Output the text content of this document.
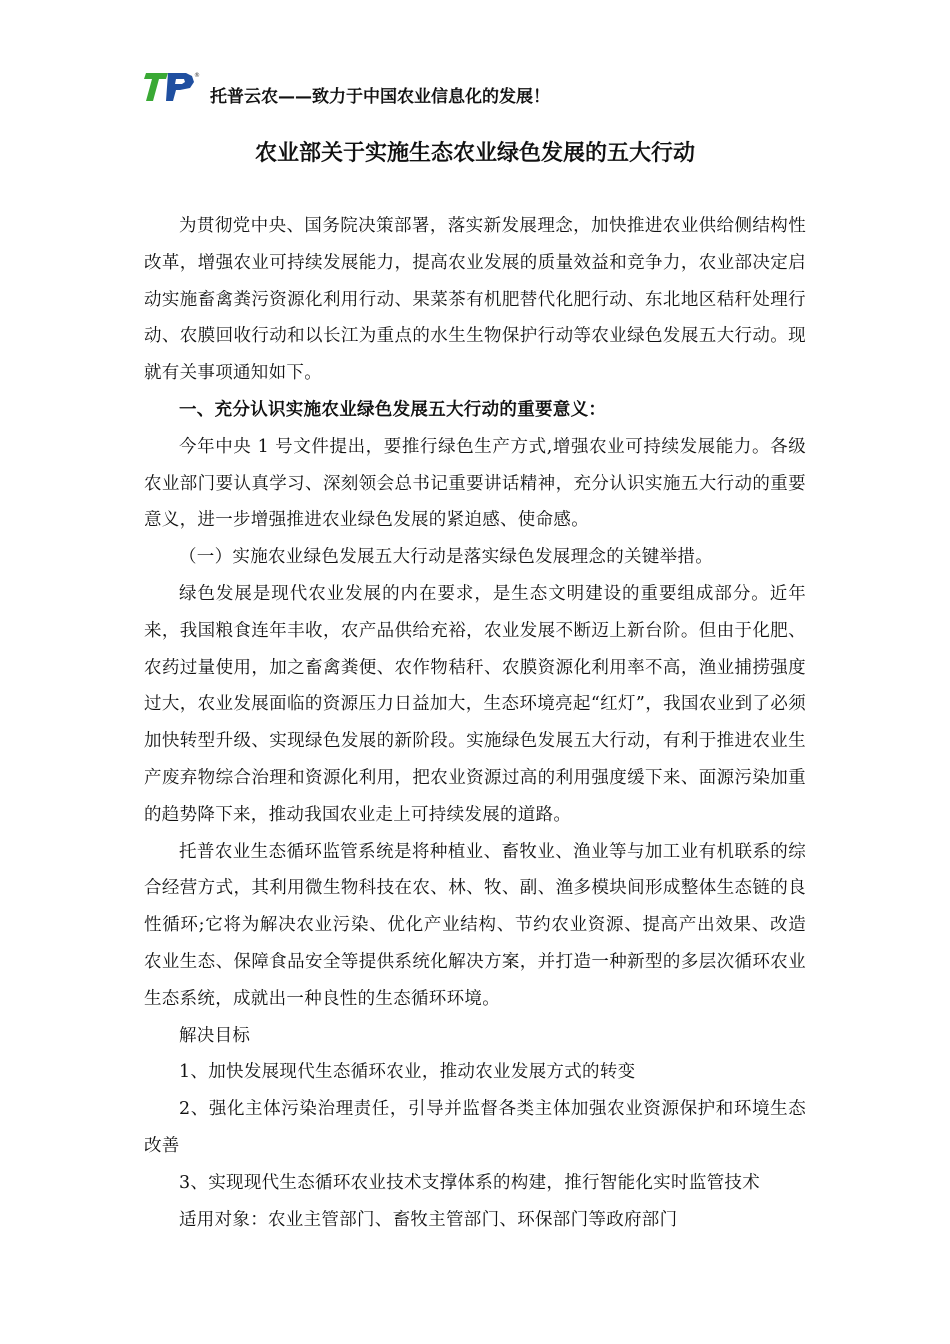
®
托普云农——致力于中国农业信息化的发展！
农业部关于实施生态农业绿色发展的五大行动

为贯彻党中央、国务院决策部署，落实新发展理念，加快推进农业供给侧结构性改革，增强农业可持续发展能力，提高农业发展的质量效益和竞争力，农业部决定启动实施畜禽粪污资源化利用行动、果菜茶有机肥替代化肥行动、东北地区秸秆处理行动、农膜回收行动和以长江为重点的水生生物保护行动等农业绿色发展五大行动。现就有关事项通知如下。

一、充分认识实施农业绿色发展五大行动的重要意义：

今年中央 1 号文件提出，要推行绿色生产方式,增强农业可持续发展能力。各级农业部门要认真学习、深刻领会总书记重要讲话精神，充分认识实施五大行动的重要意义，进一步增强推进农业绿色发展的紧迫感、使命感。

（一）实施农业绿色发展五大行动是落实绿色发展理念的关键举措。

绿色发展是现代农业发展的内在要求，是生态文明建设的重要组成部分。近年来，我国粮食连年丰收，农产品供给充裕，农业发展不断迈上新台阶。但由于化肥、农药过量使用，加之畜禽粪便、农作物秸秆、农膜资源化利用率不高，渔业捕捞强度过大，农业发展面临的资源压力日益加大，生态环境亮起“红灯”，我国农业到了必须加快转型升级、实现绿色发展的新阶段。实施绿色发展五大行动，有利于推进农业生产废弃物综合治理和资源化利用，把农业资源过高的利用强度缓下来、面源污染加重的趋势降下来，推动我国农业走上可持续发展的道路。

托普农业生态循环监管系统是将种植业、畜牧业、渔业等与加工业有机联系的综合经营方式，其利用微生物科技在农、林、牧、副、渔多模块间形成整体生态链的良性循环;它将为解决农业污染、优化产业结构、节约农业资源、提高产出效果、改造农业生态、保障食品安全等提供系统化解决方案，并打造一种新型的多层次循环农业生态系统，成就出一种良性的生态循环环境。

解决目标

1、加快发展现代生态循环农业，推动农业发展方式的转变

2、强化主体污染治理责任，引导并监督各类主体加强农业资源保护和环境生态改善

3、实现现代生态循环农业技术支撑体系的构建，推行智能化实时监管技术

适用对象：农业主管部门、畜牧主管部门、环保部门等政府部门
